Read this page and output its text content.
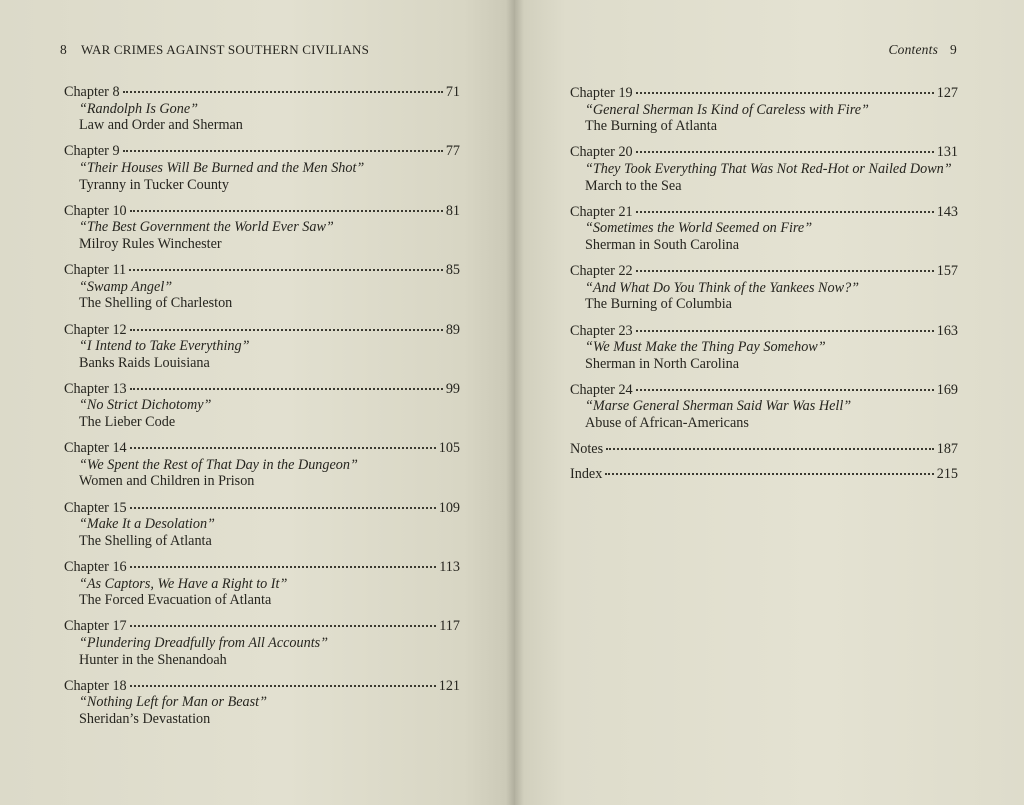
8 WAR CRIMES AGAINST SOUTHERN CIVILIANS
Chapter 8	71
“Randolph Is Gone”
Law and Order and Sherman
Chapter 9	77
“Their Houses Will Be Burned and the Men Shot”
Tyranny in Tucker County
Chapter 10	81
“The Best Government the World Ever Saw”
Milroy Rules Winchester
Chapter 11	85
“Swamp Angel”
The Shelling of Charleston
Chapter 12	89
“I Intend to Take Everything”
Banks Raids Louisiana
Chapter 13	99
“No Strict Dichotomy”
The Lieber Code
Chapter 14	105
“We Spent the Rest of That Day in the Dungeon”
Women and Children in Prison
Chapter 15	109
“Make It a Desolation”
The Shelling of Atlanta
Chapter 16	113
“As Captors, We Have a Right to It”
The Forced Evacuation of Atlanta
Chapter 17	117
“Plundering Dreadfully from All Accounts”
Hunter in the Shenandoah
Chapter 18	121
“Nothing Left for Man or Beast”
Sheridan’s Devastation
Contents 9
Chapter 19	127
“General Sherman Is Kind of Careless with Fire”
The Burning of Atlanta
Chapter 20	131
“They Took Everything That Was Not Red-Hot or Nailed Down”
March to the Sea
Chapter 21	143
“Sometimes the World Seemed on Fire”
Sherman in South Carolina
Chapter 22	157
“And What Do You Think of the Yankees Now?”
The Burning of Columbia
Chapter 23	163
“We Must Make the Thing Pay Somehow”
Sherman in North Carolina
Chapter 24	169
“Marse General Sherman Said War Was Hell”
Abuse of African-Americans
Notes	187
Index	215
